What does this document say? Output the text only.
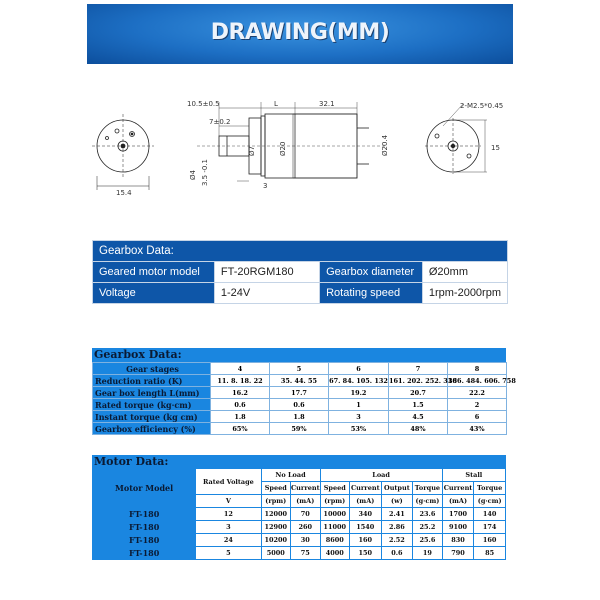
DRAWING(MM)
15.4
10.5±0.5	L	32.1
7±0.2
Ø7	Ø20	Ø20.4
Ø4 3.5 -0.1	3
2-M2.5*0.45
15
Gearbox Data:			
Geared motor model	FT-20RGM180	Gearbox diameter	Ø20mm
Voltage	1-24V	Rotating speed	1rpm-2000rpm
Gearbox Data:
Gear stages	4	5	6	7	8
Reduction ratio (K)	11. 8. 18. 22	35. 44. 55	67. 84. 105. 132	161. 202. 252. 316	386. 484. 606. 758
Gear box length L(mm)	16.2	17.7	19.2	20.7	22.2
Rated torque (kg·cm)	0.6	0.6	1	1.5	2
Instant torque (kg cm)	1.8	1.8	3	4.5	6
Gearbox efficiency (%)	65%	59%	53%	48%	43%
Motor Data:
Motor Model	Rated Voltage	No Load		Load				Stall	
		Speed	Current	Speed	Current	Output	Torque	Current	Torque
	V	(rpm)	(mA)	(rpm)	(mA)	(w)	(g·cm)	(mA)	(g·cm)
FT-180	12	12000	70	10000	340	2.41	23.6	1700	140
FT-180	3	12900	260	11000	1540	2.86	25.2	9100	174
FT-180	24	10200	30	8600	160	2.52	25.6	830	160
FT-180	5	5000	75	4000	150	0.6	19	790	85
